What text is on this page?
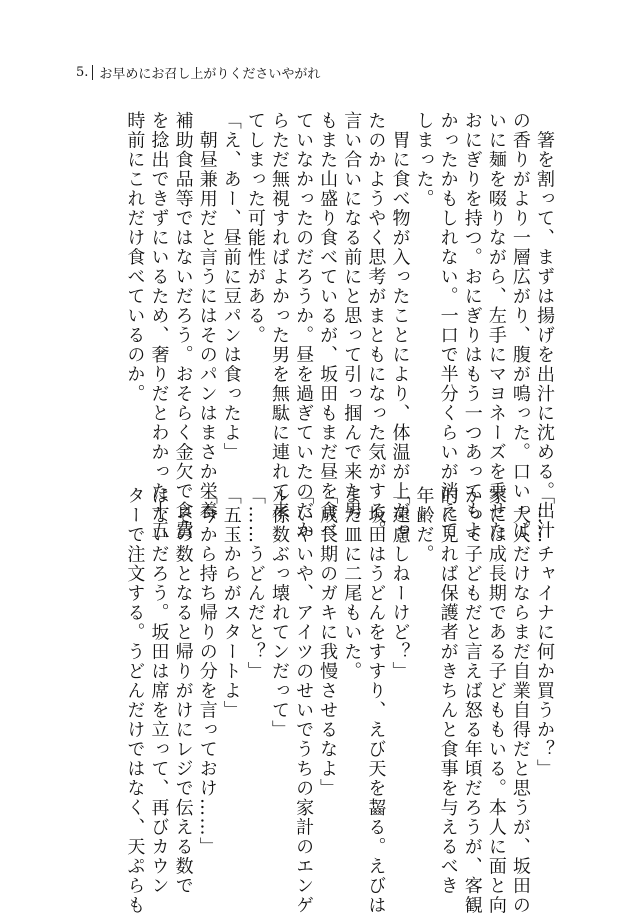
5. お早めにお召し上がりくださいやがれ

　箸を割って、まずは揚げを出汁に沈める。出汁

の香りがより一層広がり、腹が鳴った。口いっぱ

いに麺を啜りながら、左手にマヨネーズを乗せた

おにぎりを持つ。おにぎりはもう一つあってもよ

かったかもしれない。一口で半分くらいが消えて

しまった。

　胃に食べ物が入ったことにより、体温が上がっ

たのかようやく思考がまともになった気がする。

言い合いになる前にと思って引っ掴んで来た男

もまた山盛り食べているが、坂田もまだ昼を食べ

ていなかったのだろうか。昼を過ぎていたのだか

らただ無視すればよかった男を無駄に連れて来

てしまった可能性がある。

「え、あー、昼前に豆パンは食ったよ」

　朝昼兼用だと言うにはそのパンはまさか栄養

補助食品等ではないだろう。おそらく金欠で食費

を捻出できずにいるため、奢りだとわかった十五

時前にこれだけ食べているのか。

「……チャイナに何か買うか？」

　大人だけならまだ自業自得だと思うが、坂田の

家には成長期である子どももいる。本人に面と向

かって子どもだと言えば怒る年頃だろうが、客観

的に見れば保護者がきちんと食事を与えるべき

年齢だ。

「遠慮しねーけど？」

　坂田はうどんをすすり、えび天を齧る。えびは

まだ皿に二尾もいた。

「成長期のガキに我慢させるなよ」

「いやいや、アイツのせいでうちの家計のエンゲ

ル係数ぶっ壊れてンだって」

「……うどんだと？」

「五玉からがスタートよ」

「今から持ち帰りの分を言っておけ……」

　その数となると帰りがけにレジで伝える数で

はないだろう。坂田は席を立って、再びカウン

ターで注文する。うどんだけではなく、天ぷらも
